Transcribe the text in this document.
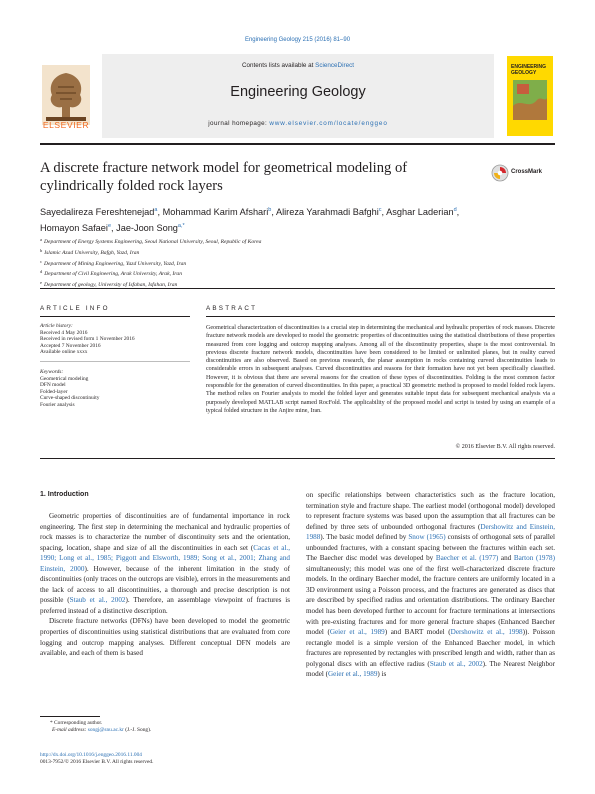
Engineering Geology 215 (2016) 81–90
ELSEVIER
Contents lists available at ScienceDirect
Engineering Geology
journal homepage: www.elsevier.com/locate/enggeo
ENGINEERING
GEOLOGY
A discrete fracture network model for geometrical modeling of cylindrically folded rock layers
CrossMark
Sayedalireza Fereshtenejad$^a$, Mohammad Karim Afshari$^b$, Alireza Yarahmadi Bafghi$^c$, Asghar Laderian$^d$,
Homayon Safaei$^e$, Jae-Joon Song$^{a,*}$
$^a$ Department of Energy Systems Engineering, Seoul National University, Seoul, Republic of Korea
$^b$ Islamic Azad University, Bafgh, Yazd, Iran
$^c$ Department of Mining Engineering, Yazd University, Yazd, Iran
$^d$ Department of Civil Engineering, Arak University, Arak, Iran
$^e$ Department of geology, University of Isfahan, Isfahan, Iran
ARTICLE INFO	ABSTRACT
Article history:
Received 4 May 2016
Received in revised form 1 November 2016
Accepted 7 November 2016
Available online xxxx
Keywords:
Geometrical modeling
DFN model
Folded-layer
Curve-shaped discontinuity
Fourier analysis
Geometrical characterization of discontinuities is a crucial step in determining the mechanical and hydraulic properties of rock masses. Discrete fracture network models are developed to model the geometric properties of discontinuities using the statistical distributions of these properties measured from core logging and outcrop mapping analyses. Among all of the discontinuity properties, shape is the most controversial. In previous discrete fracture network models, discontinuities have been considered to be limited or unlimited planes, but in reality curved discontinuities are also observed. Based on previous research, the planar assumption in rocks containing curved discontinuities leads to considerable errors in subsequent analyses. Curved discontinuities and reasons for their formation have not yet been specifically classified. However, it is obvious that there are several reasons for the creation of these types of discontinuities. Folding is the most common factor responsible for the generation of curved discontinuities. In this paper, a practical 3D geometric method is proposed to model folded rock layers. The method relies on Fourier analysis to model the folded layer and generates suitable input data for subsequent mechanical analysis via a purposely developed MATLAB script named RocFold. The applicability of the proposed model and script is tested by using an example of a typical folded structure in the Anjire mine, Iran.
© 2016 Elsevier B.V. All rights reserved.
1. Introduction

Geometric properties of discontinuities are of fundamental importance in rock engineering. The first step in determining the mechanical and hydraulic properties of rock masses is to characterize the number of discontinuity sets and the orientation, spacing, location, shape and size of all the discontinuities in each set (Cacas et al., 1990; Long et al., 1985; Piggott and Elsworth, 1989; Song et al., 2001; Zhang and Einstein, 2000). However, because of the inherent limitation in the study of discontinuities (only traces on the outcrops are visible), errors in the measurements and the lack of access to all discontinuities, a thorough and precise description is not possible (Staub et al., 2002). Therefore, an assemblage viewpoint of fractures is preferred instead of a distinctive description.

Discrete fracture networks (DFNs) have been developed to model the geometric properties of discontinuities using statistical distributions that are evaluated from core logging and outcrop mapping analyses. Different conceptual DFN models are available, and each of them is based

on specific relationships between characteristics such as the fracture location, termination style and fracture shape. The earliest model (orthogonal model) developed to represent fracture systems was based upon the assumption that all fractures can be defined by three sets of unbounded orthogonal fractures (Dershowitz and Einstein, 1988). The basic model defined by Snow (1965) consists of orthogonal sets of parallel unbounded fractures, with a constant spacing between the fractures within each set. The Baecher disc model was developed by Baecher et al. (1977) and Barton (1978) simultaneously; this model was one of the first well-characterized discrete fracture models. In the ordinary Baecher model, the fracture centers are uniformly located in a 3D environment using a Poisson process, and the fractures are generated as discs that are described by specified radius and orientation distributions. The ordinary Baecher model has been developed further to account for fracture terminations at intersections with pre-existing fractures and for more general fracture shapes (Enhanced Baecher model (Geier et al., 1989) and BART model (Dershowitz et al., 1998)). Poisson rectangle model is a simple version of the Enhanced Baecher model, in which fractures are represented by rectangles with prescribed length and width, rather than as polygonal discs with an effective radius (Staub et al., 2002). The Nearest Neighbor model (Geier et al., 1989) is

* Corresponding author.
E-mail address: songj@snu.ac.kr (J.-J. Song).
http://dx.doi.org/10.1016/j.enggeo.2016.11.004
0013-7952/© 2016 Elsevier B.V. All rights reserved.
